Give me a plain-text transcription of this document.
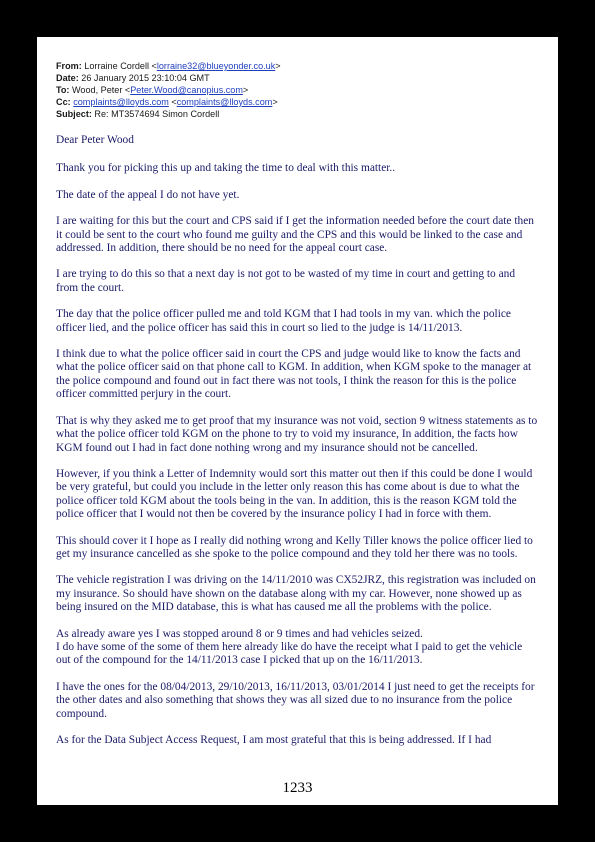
From: Lorraine Cordell <lorraine32@blueyonder.co.uk>
Date: 26 January 2015 23:10:04 GMT
To: Wood, Peter <Peter.Wood@canopius.com>
Cc: complaints@lloyds.com <complaints@lloyds.com>
Subject: Re: MT3574694 Simon Cordell

Dear Peter Wood

Thank you for picking this up and taking the time to deal with this matter..

The date of the appeal I do not have yet.

I are waiting for this but the court and CPS said if I get the information needed before the court date then it could be sent to the court who found me guilty and the CPS and this would be linked to the case and addressed. In addition, there should be no need for the appeal court case.

I are trying to do this so that a next day is not got to be wasted of my time in court and getting to and from the court.

The day that the police officer pulled me and told KGM that I had tools in my van. which the police officer lied, and the police officer has said this in court so lied to the judge is 14/11/2013.

I think due to what the police officer said in court the CPS and judge would like to know the facts and what the police officer said on that phone call to KGM. In addition, when KGM spoke to the manager at the police compound and found out in fact there was not tools, I think the reason for this is the police officer committed perjury in the court.

That is why they asked me to get proof that my insurance was not void, section 9 witness statements as to what the police officer told KGM on the phone to try to void my insurance, In addition, the facts how KGM found out I had in fact done nothing wrong and my insurance should not be cancelled.

However, if you think a Letter of Indemnity would sort this matter out then if this could be done I would be very grateful, but could you include in the letter only reason this has come about is due to what the police officer told KGM about the tools being in the van. In addition, this is the reason KGM told the police officer that I would not then be covered by the insurance policy I had in force with them.

This should cover it I hope as I really did nothing wrong and Kelly Tiller knows the police officer lied to get my insurance cancelled as she spoke to the police compound and they told her there was no tools.

The vehicle registration I was driving on the 14/11/2010 was CX52JRZ, this registration was included on my insurance. So should have shown on the database along with my car. However, none showed up as being insured on the MID database, this is what has caused me all the problems with the police.

As already aware yes I was stopped around 8 or 9 times and had vehicles seized.
I do have some of the some of them here already like do have the receipt what I paid to get the vehicle out of the compound for the 14/11/2013 case I picked that up on the 16/11/2013.

I have the ones for the 08/04/2013, 29/10/2013, 16/11/2013, 03/01/2014 I just need to get the receipts for the other dates and also something that shows they was all sized due to no insurance from the police compound.

As for the Data Subject Access Request, I am most grateful that this is being addressed. If I had

1233
